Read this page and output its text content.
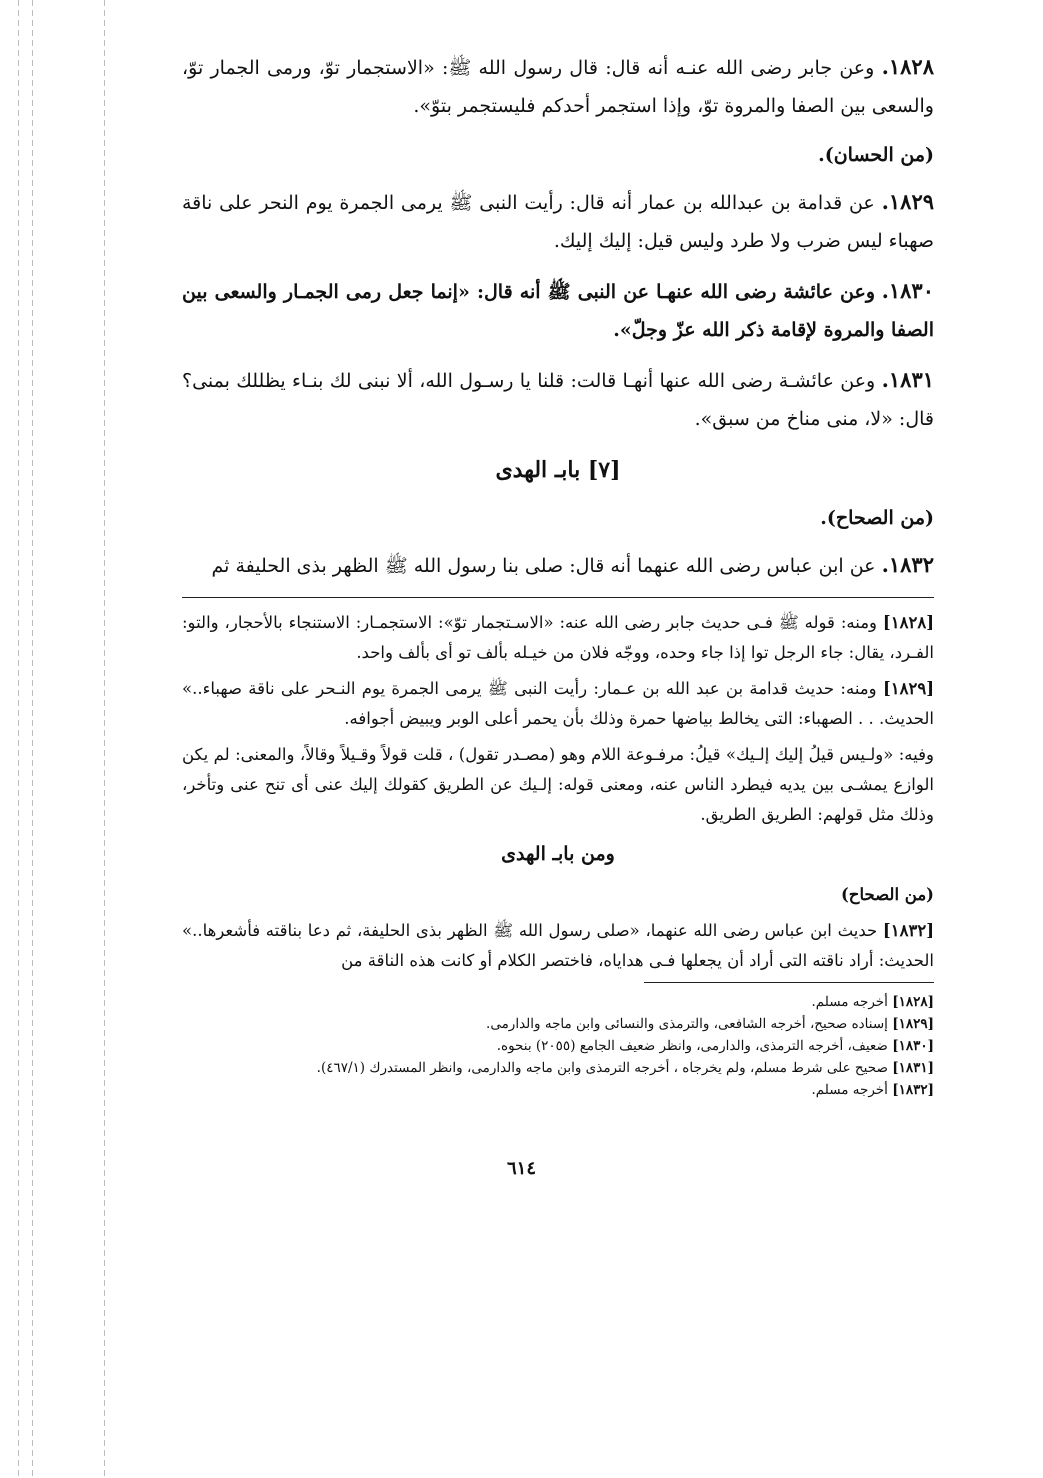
١٨٢٨. وعن جابر رضى الله عنـه أنه قال: قال رسول الله ﷺ: «الاستجمار توّ، ورمى الجمار توّ، والسعى بين الصفا والمروة توّ، وإذا استجمر أحدكم فليستجمر بتوّ».

(من الحسان).

١٨٢٩. عن قدامة بن عبدالله بن عمار أنه قال: رأيت النبى ﷺ يرمى الجمرة يوم النحر على ناقة صهباء ليس ضرب ولا طرد وليس قيل: إليك إليك.

١٨٣٠. وعن عائشة رضى الله عنهـا عن النبى ﷺ أنه قال: «إنما جعل رمى الجمـار والسعى بين الصفا والمروة لإقامة ذكر الله عزّ وجلّ».

١٨٣١. وعن عائشـة رضى الله عنها أنهـا قالت: قلنا يا رسـول الله، ألا نبنى لك بنـاء يظللك بمنى؟ قال: «لا، منى مناخ من سبق».

[٧] بابـ الهدى

(من الصحاح).

١٨٣٢. عن ابن عباس رضى الله عنهما أنه قال: صلى بنا رسول الله ﷺ الظهر بذى الحليفة ثم

[١٨٢٨] ومنه: قوله ﷺ فـى حديث جابر رضى الله عنه: «الاسـتجمار توّ»: الاستجمـار: الاستنجاء بالأحجار، والتو: الفـرد، يقال: جاء الرجل توا إذا جاء وحده، ووجّه فلان من خيـله بألف تو أى بألف واحد.

[١٨٢٩] ومنه: حديث قدامة بن عبد الله بن عـمار: رأيت النبى ﷺ يرمى الجمرة يوم النـحر على ناقة صهباء..» الحديث. . . الصهباء: التى يخالط بياضها حمرة وذلك بأن يحمر أعلى الوبر ويبيض أجوافه.

وفيه: «ولـيس قيلُ إليك إلـيك» قيلُ: مرفـوعة اللام وهو (مصـدر تقول) ، قلت قولاً وقـيلاً وقالاً، والمعنى: لم يكن الوازع يمشـى بين يديه فيطرد الناس عنه، ومعنى قوله: إلـيك عن الطريق كقولك إليك عنى أى تنح عنى وتأخر، وذلك مثل قولهم: الطريق الطريق.

ومن بابـ الهدى

(من الصحاح)

[١٨٣٢] حديث ابن عباس رضى الله عنهما، «صلى رسول الله ﷺ الظهر بذى الحليفة، ثم دعا بناقته فأشعرها..» الحديث: أراد ناقته التى أراد أن يجعلها فـى هداياه، فاختصر الكلام أو كانت هذه الناقة من

[١٨٢٨] أخرجه مسلم.
[١٨٢٩] إسناده صحيح، أخرجه الشافعى، والترمذى والنسائى وابن ماجه والدارمى.
[١٨٣٠] ضعيف، أخرجه الترمذى، والدارمى، وانظر ضعيف الجامع (٢٠٥٥) بنحوه.
[١٨٣١] صحيح على شرط مسلم، ولم يخرجاه ، أخرجه الترمذى وابن ماجه والدارمى، وانظر المستدرك (٤٦٧/١).
[١٨٣٢] أخرجه مسلم.
٦١٤
